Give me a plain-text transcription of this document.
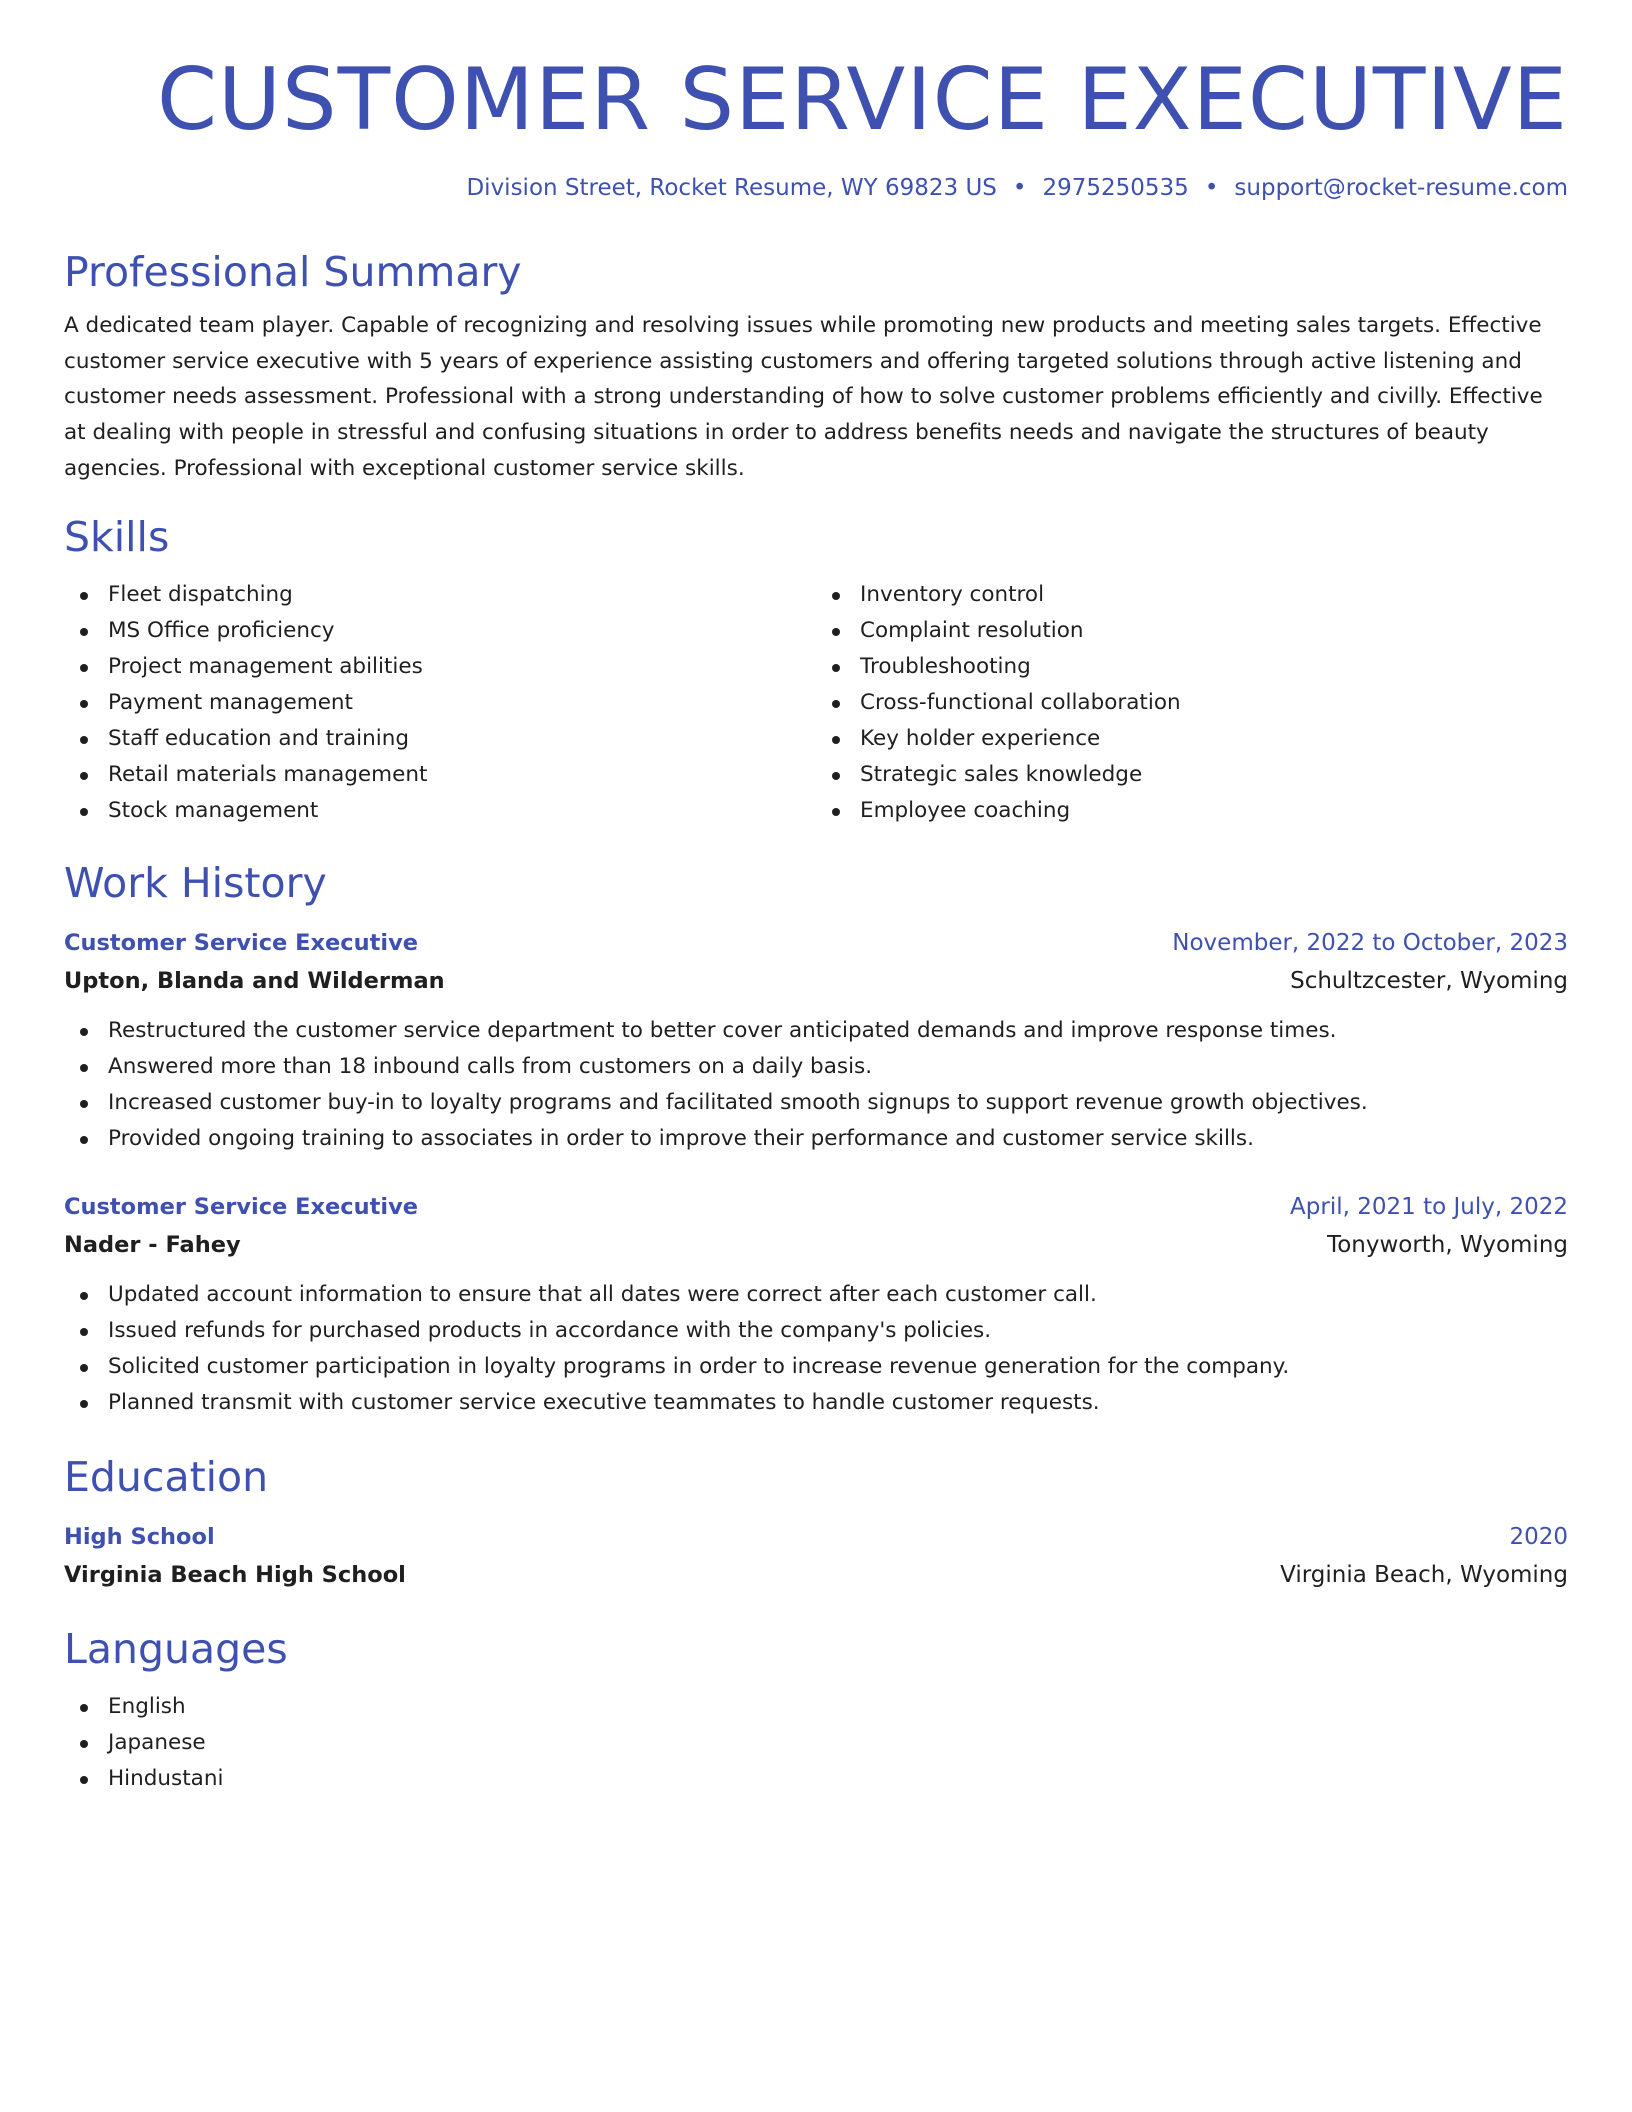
CUSTOMER SERVICE EXECUTIVE
Division Street, Rocket Resume, WY 69823 US • 2975250535 • support@rocket-resume.com
Professional Summary

A dedicated team player. Capable of recognizing and resolving issues while promoting new products and meeting sales targets. Effective customer service executive with 5 years of experience assisting customers and offering targeted solutions through active listening and customer needs assessment. Professional with a strong understanding of how to solve customer problems efficiently and civilly. Effective at dealing with people in stressful and confusing situations in order to address benefits needs and navigate the structures of beauty agencies. Professional with exceptional customer service skills.

Skills
Fleet dispatching
MS Office proficiency
Project management abilities
Payment management
Staff education and training
Retail materials management
Stock management
Inventory control
Complaint resolution
Troubleshooting
Cross-functional collaboration
Key holder experience
Strategic sales knowledge
Employee coaching
Work History
Customer Service Executive	November, 2022 to October, 2023
Upton, Blanda and Wilderman	Schultzcester, Wyoming
Restructured the customer service department to better cover anticipated demands and improve response times.
Answered more than 18 inbound calls from customers on a daily basis.
Increased customer buy-in to loyalty programs and facilitated smooth signups to support revenue growth objectives.
Provided ongoing training to associates in order to improve their performance and customer service skills.
Customer Service Executive	April, 2021 to July, 2022
Nader - Fahey	Tonyworth, Wyoming
Updated account information to ensure that all dates were correct after each customer call.
Issued refunds for purchased products in accordance with the company's policies.
Solicited customer participation in loyalty programs in order to increase revenue generation for the company.
Planned transmit with customer service executive teammates to handle customer requests.
Education
High School	2020
Virginia Beach High School	Virginia Beach, Wyoming
Languages
English
Japanese
Hindustani
